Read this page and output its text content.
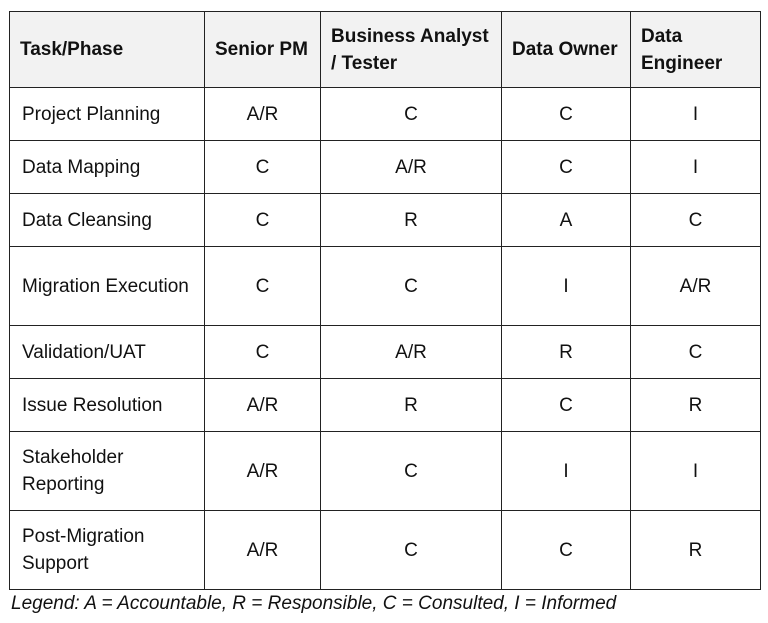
Task/Phase	Senior PM	Business Analyst / Tester	Data Owner	Data Engineer
Project Planning	A/R	C	C	I
Data Mapping	C	A/R	C	I
Data Cleansing	C	R	A	C
Migration Execution	C	C	I	A/R
Validation/UAT	C	A/R	R	C
Issue Resolution	A/R	R	C	R
Stakeholder Reporting	A/R	C	I	I
Post-Migration Support	A/R	C	C	R
Legend: A = Accountable, R = Responsible, C = Consulted, I = Informed
